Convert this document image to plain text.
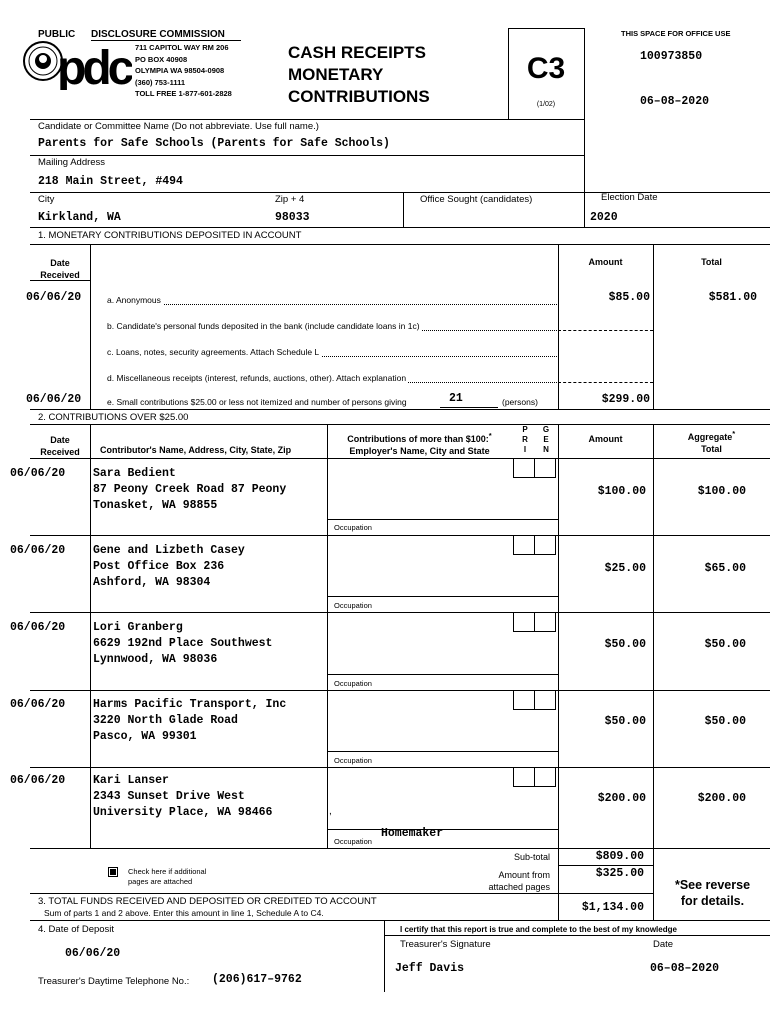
PUBLIC DISCLOSURE COMMISSION
pdc 711 CAPITOL WAY RM 206
PO BOX 40908
OLYMPIA WA 98504-0908
(360) 753-1111
TOLL FREE 1-877-601-2828
CASH RECEIPTS
MONETARY
CONTRIBUTIONS
C3
(1/02)
THIS SPACE FOR OFFICE USE
100973850
06–08–2020
Candidate or Committee Name (Do not abbreviate. Use full name.)
Parents for Safe Schools (Parents for Safe Schools)
Mailing Address
218 Main Street, #494
City	Zip + 4	Office Sought (candidates)	Election Date
Kirkland, WA	98033	2020
1. MONETARY CONTRIBUTIONS DEPOSITED IN ACCOUNT
Date
Received
Amount	Total
06/06/20	a. Anonymous	$85.00	$581.00
b. Candidate's personal funds deposited in the bank (include candidate loans in 1c)
c. Loans, notes, security agreements. Attach Schedule L
d. Miscellaneous receipts (interest, refunds, auctions, other). Attach explanation
06/06/20	e. Small contributions $25.00 or less not itemized and number of persons giving	21	(persons)	$299.00
2. CONTRIBUTIONS OVER $25.00
Date
Received	Contributor's Name, Address, City, State, Zip
Contributions of more than $100:*
Employer's Name, City and State
P
R
I
G
E
N
Amount	Aggregate*
Total
06/06/20 Sara Bedient
87 Peony Creek Road 87 Peony
Tonasket, WA 98855
$100.00	$100.00
Occupation
06/06/20 Gene and Lizbeth Casey
Post Office Box 236
Ashford, WA 98304
$25.00	$65.00
Occupation
06/06/20 Lori Granberg
6629 192nd Place Southwest
Lynnwood, WA 98036
$50.00	$50.00
Occupation
06/06/20 Harms Pacific Transport, Inc
3220 North Glade Road
Pasco, WA 99301
$50.00	$50.00
Occupation
06/06/20 Kari Lanser
2343 Sunset Drive West
University Place, WA 98466	,
$200.00	$200.00
Occupation
Homemaker
Check here if additional
pages are attached
Sub-total	$809.00
Amount from
attached pages
$325.00
*See reverse
for details.
3. TOTAL FUNDS RECEIVED AND DEPOSITED OR CREDITED TO ACCOUNT
Sum of parts 1 and 2 above. Enter this amount in line 1, Schedule A to C4.	$1,134.00
4. Date of Deposit
06/06/20
Treasurer's Daytime Telephone No.: (206)617–9762
I certify that this report is true and complete to the best of my knowledge
Treasurer's Signature	Date
Jeff Davis	06–08–2020
